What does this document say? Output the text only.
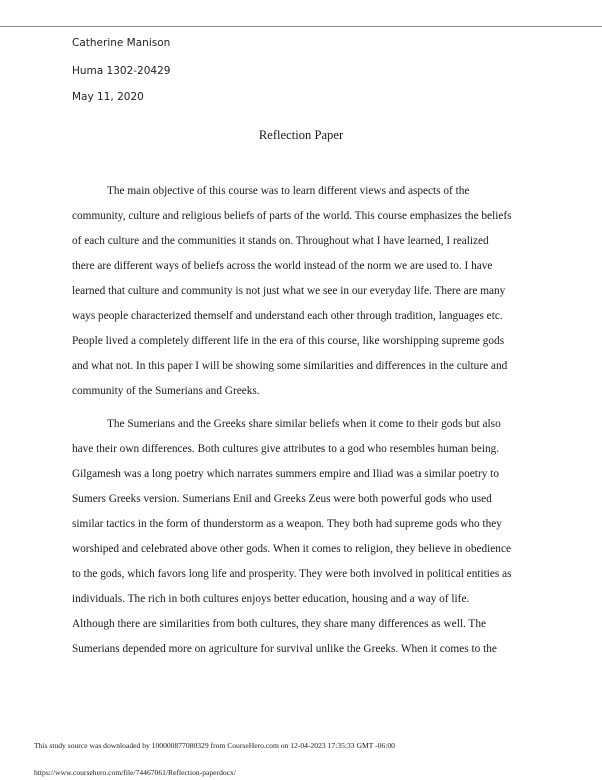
Catherine Manison
Huma 1302-20429
May 11, 2020
Reflection Paper
The main objective of this course was to learn different views and aspects of the
community, culture and religious beliefs of parts of the world. This course emphasizes the beliefs
of each culture and the communities it stands on. Throughout what I have learned, I realized
there are different ways of beliefs across the world instead of the norm we are used to. I have
learned that culture and community is not just what we see in our everyday life. There are many
ways people characterized themself and understand each other through tradition, languages etc.
People lived a completely different life in the era of this course, like worshipping supreme gods
and what not. In this paper I will be showing some similarities and differences in the culture and
community of the Sumerians and Greeks.
The Sumerians and the Greeks share similar beliefs when it come to their gods but also
have their own differences. Both cultures give attributes to a god who resembles human being.
Gilgamesh was a long poetry which narrates summers empire and Iliad was a similar poetry to
Sumers Greeks version. Sumerians Enil and Greeks Zeus were both powerful gods who used
similar tactics in the form of thunderstorm as a weapon. They both had supreme gods who they
worshiped and celebrated above other gods. When it comes to religion, they believe in obedience
to the gods, which favors long life and prosperity. They were both involved in political entities as
individuals. The rich in both cultures enjoys better education, housing and a way of life.
Although there are similarities from both cultures, they share many differences as well. The
Sumerians depended more on agriculture for survival unlike the Greeks. When it comes to the
This study source was downloaded by 100000877080329 from CourseHero.com on 12-04-2023 17:35:33 GMT -06:00
https://www.coursehero.com/file/74467061/Reflection-paperdocx/
